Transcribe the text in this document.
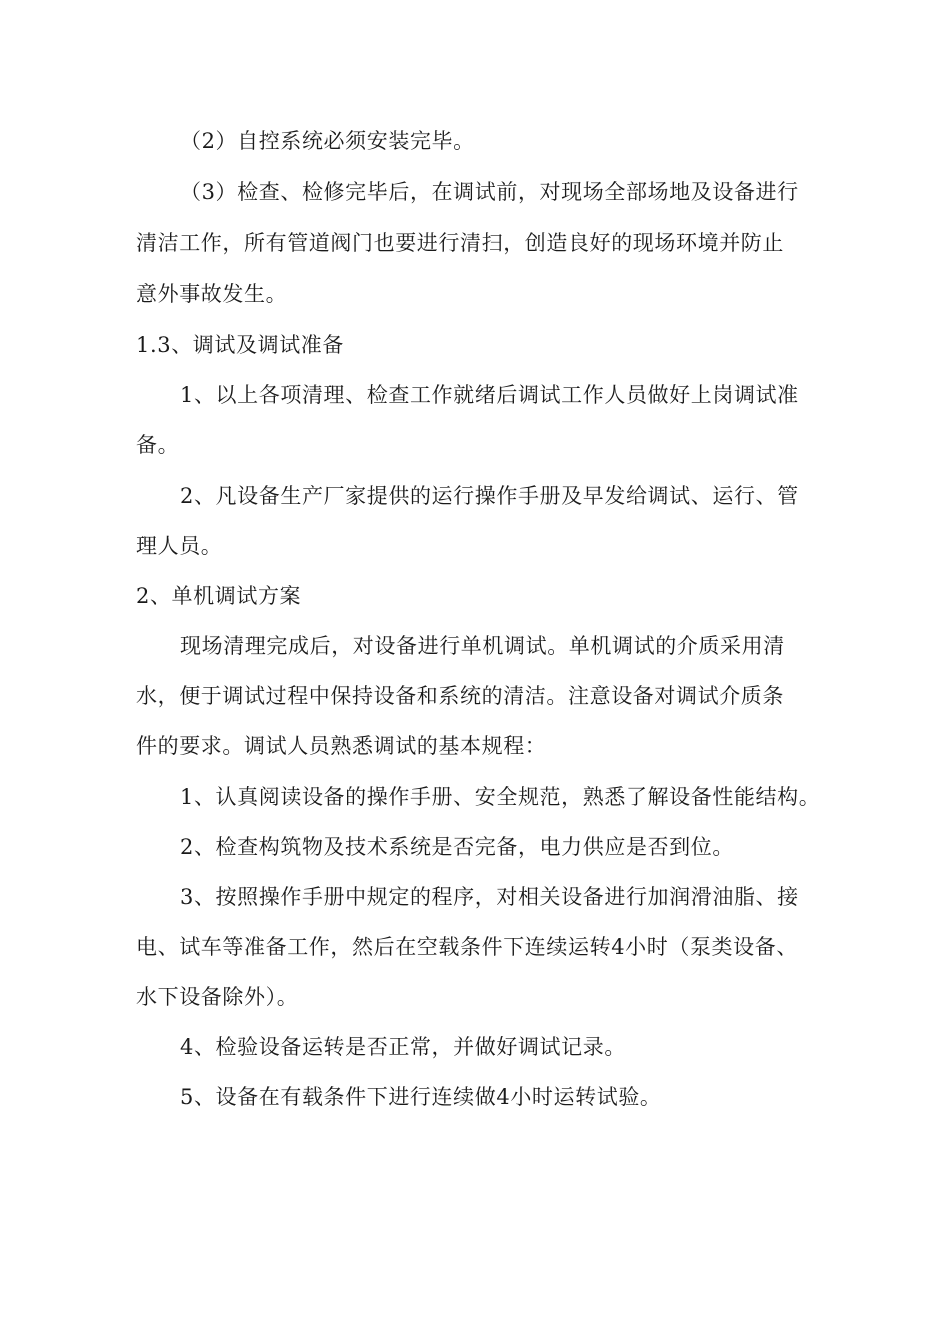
（2）自控系统必须安装完毕。
（3）检查、检修完毕后，在调试前，对现场全部场地及设备进行
清洁工作，所有管道阀门也要进行清扫，创造良好的现场环境并防止
意外事故发生。
1.3、调试及调试准备
1、以上各项清理、检查工作就绪后调试工作人员做好上岗调试准
备。
2、凡设备生产厂家提供的运行操作手册及早发给调试、运行、管
理人员。
2、单机调试方案
现场清理完成后，对设备进行单机调试。单机调试的介质采用清
水，便于调试过程中保持设备和系统的清洁。注意设备对调试介质条
件的要求。调试人员熟悉调试的基本规程：
1、认真阅读设备的操作手册、安全规范，熟悉了解设备性能结构。
2、检查构筑物及技术系统是否完备，电力供应是否到位。
3、按照操作手册中规定的程序，对相关设备进行加润滑油脂、接
电、试车等准备工作，然后在空载条件下连续运转4小时（泵类设备、
水下设备除外）。
4、检验设备运转是否正常，并做好调试记录。
5、设备在有载条件下进行连续做4小时运转试验。
